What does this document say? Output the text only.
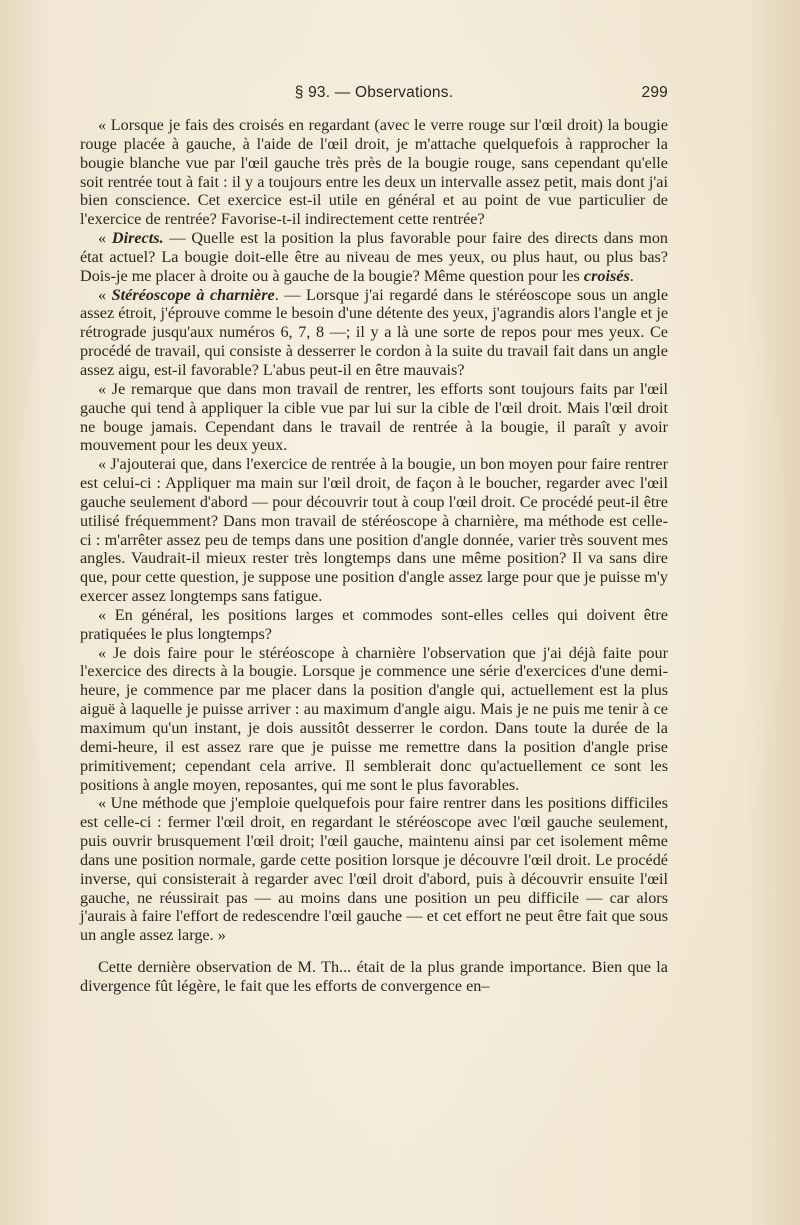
§ 93. — Observations.	299

« Lorsque je fais des croisés en regardant (avec le verre rouge sur l'œil droit) la bougie rouge placée à gauche, à l'aide de l'œil droit, je m'attache quelquefois à rapprocher la bougie blanche vue par l'œil gauche très près de la bougie rouge, sans cependant qu'elle soit rentrée tout à fait : il y a toujours entre les deux un intervalle assez petit, mais dont j'ai bien conscience. Cet exercice est-il utile en général et au point de vue particulier de l'exercice de rentrée? Favorise-t-il indirectement cette rentrée?

« Directs. — Quelle est la position la plus favorable pour faire des directs dans mon état actuel? La bougie doit-elle être au niveau de mes yeux, ou plus haut, ou plus bas? Dois-je me placer à droite ou à gauche de la bougie? Même question pour les croisés.

« Stéréoscope à charnière. — Lorsque j'ai regardé dans le stéréoscope sous un angle assez étroit, j'éprouve comme le besoin d'une détente des yeux, j'agrandis alors l'angle et je rétrograde jusqu'aux numéros 6, 7, 8 —; il y a là une sorte de repos pour mes yeux. Ce procédé de travail, qui consiste à desserrer le cordon à la suite du travail fait dans un angle assez aigu, est-il favorable? L'abus peut-il en être mauvais?

« Je remarque que dans mon travail de rentrer, les efforts sont toujours faits par l'œil gauche qui tend à appliquer la cible vue par lui sur la cible de l'œil droit. Mais l'œil droit ne bouge jamais. Cependant dans le travail de rentrée à la bougie, il paraît y avoir mouvement pour les deux yeux.

« J'ajouterai que, dans l'exercice de rentrée à la bougie, un bon moyen pour faire rentrer est celui-ci : Appliquer ma main sur l'œil droit, de façon à le boucher, regarder avec l'œil gauche seulement d'abord — pour découvrir tout à coup l'œil droit. Ce procédé peut-il être utilisé fréquemment? Dans mon travail de stéréoscope à charnière, ma méthode est celle-ci : m'arrêter assez peu de temps dans une position d'angle donnée, varier très souvent mes angles. Vaudrait-il mieux rester très longtemps dans une même position? Il va sans dire que, pour cette question, je suppose une position d'angle assez large pour que je puisse m'y exercer assez longtemps sans fatigue.

« En général, les positions larges et commodes sont-elles celles qui doivent être pratiquées le plus longtemps?

« Je dois faire pour le stéréoscope à charnière l'observation que j'ai déjà faite pour l'exercice des directs à la bougie. Lorsque je commence une série d'exercices d'une demi-heure, je commence par me placer dans la position d'angle qui, actuellement est la plus aiguë à laquelle je puisse arriver : au maximum d'angle aigu. Mais je ne puis me tenir à ce maximum qu'un instant, je dois aussitôt desserrer le cordon. Dans toute la durée de la demi-heure, il est assez rare que je puisse me remettre dans la position d'angle prise primitivement; cependant cela arrive. Il semblerait donc qu'actuellement ce sont les positions à angle moyen, reposantes, qui me sont le plus favorables.

« Une méthode que j'emploie quelquefois pour faire rentrer dans les positions difficiles est celle-ci : fermer l'œil droit, en regardant le stéréoscope avec l'œil gauche seulement, puis ouvrir brusquement l'œil droit; l'œil gauche, maintenu ainsi par cet isolement même dans une position normale, garde cette position lorsque je découvre l'œil droit. Le procédé inverse, qui consisterait à regarder avec l'œil droit d'abord, puis à découvrir ensuite l'œil gauche, ne réussirait pas — au moins dans une position un peu difficile — car alors j'aurais à faire l'effort de redescendre l'œil gauche — et cet effort ne peut être fait que sous un angle assez large. »

Cette dernière observation de M. Th... était de la plus grande importance. Bien que la divergence fût légère, le fait que les efforts de convergence en–
